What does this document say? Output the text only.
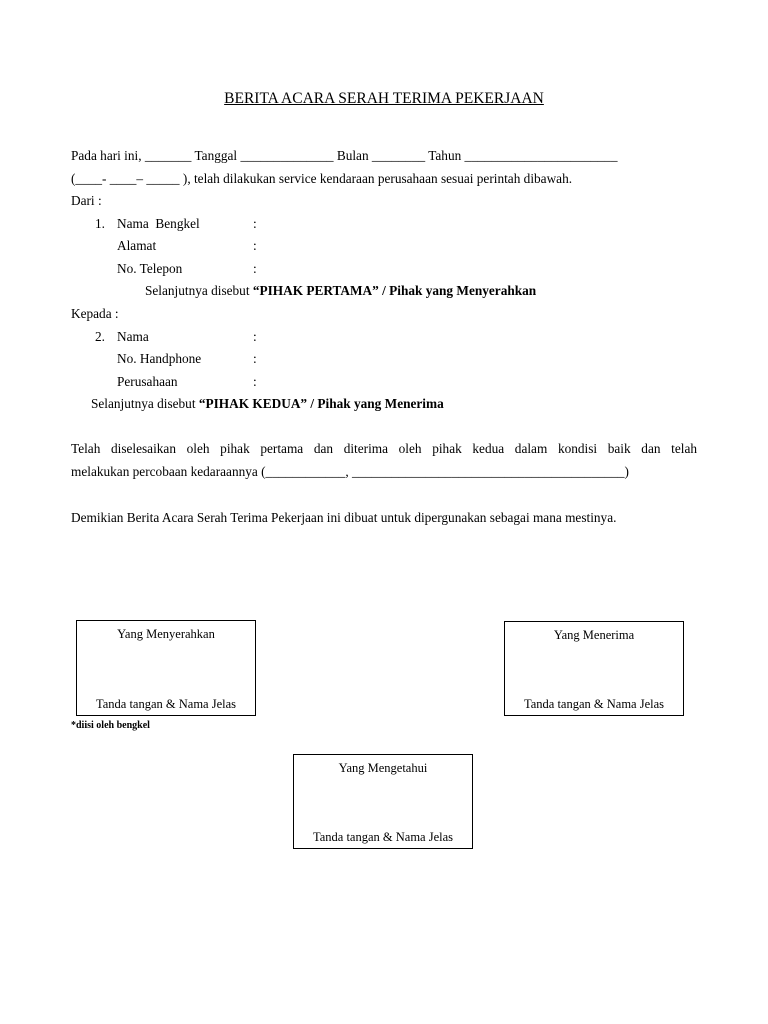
BERITA ACARA SERAH TERIMA PEKERJAAN
Pada hari ini, _______ Tanggal ______________ Bulan ________ Tahun _______________________
(____- ____– _____ ), telah dilakukan service kendaraan perusahaan sesuai perintah dibawah.
Dari :
1. Nama  Bengkel	:
Alamat	:
No. Telepon	:
Selanjutnya disebut “PIHAK PERTAMA” / Pihak yang Menyerahkan
Kepada :
2. Nama	:
No. Handphone	:
Perusahaan	:
Selanjutnya disebut “PIHAK KEDUA” / Pihak yang Menerima
Telah diselesaikan oleh pihak pertama dan diterima oleh pihak kedua dalam kondisi baik dan telah
melakukan percobaan kedaraannya (____________, _________________________________________)
Demikian Berita Acara Serah Terima Pekerjaan ini dibuat untuk dipergunakan sebagai mana mestinya.
Yang Menyerahkan
Tanda tangan & Nama Jelas
Yang Menerima
Tanda tangan & Nama Jelas
*diisi oleh bengkel
Yang Mengetahui
Tanda tangan & Nama Jelas
